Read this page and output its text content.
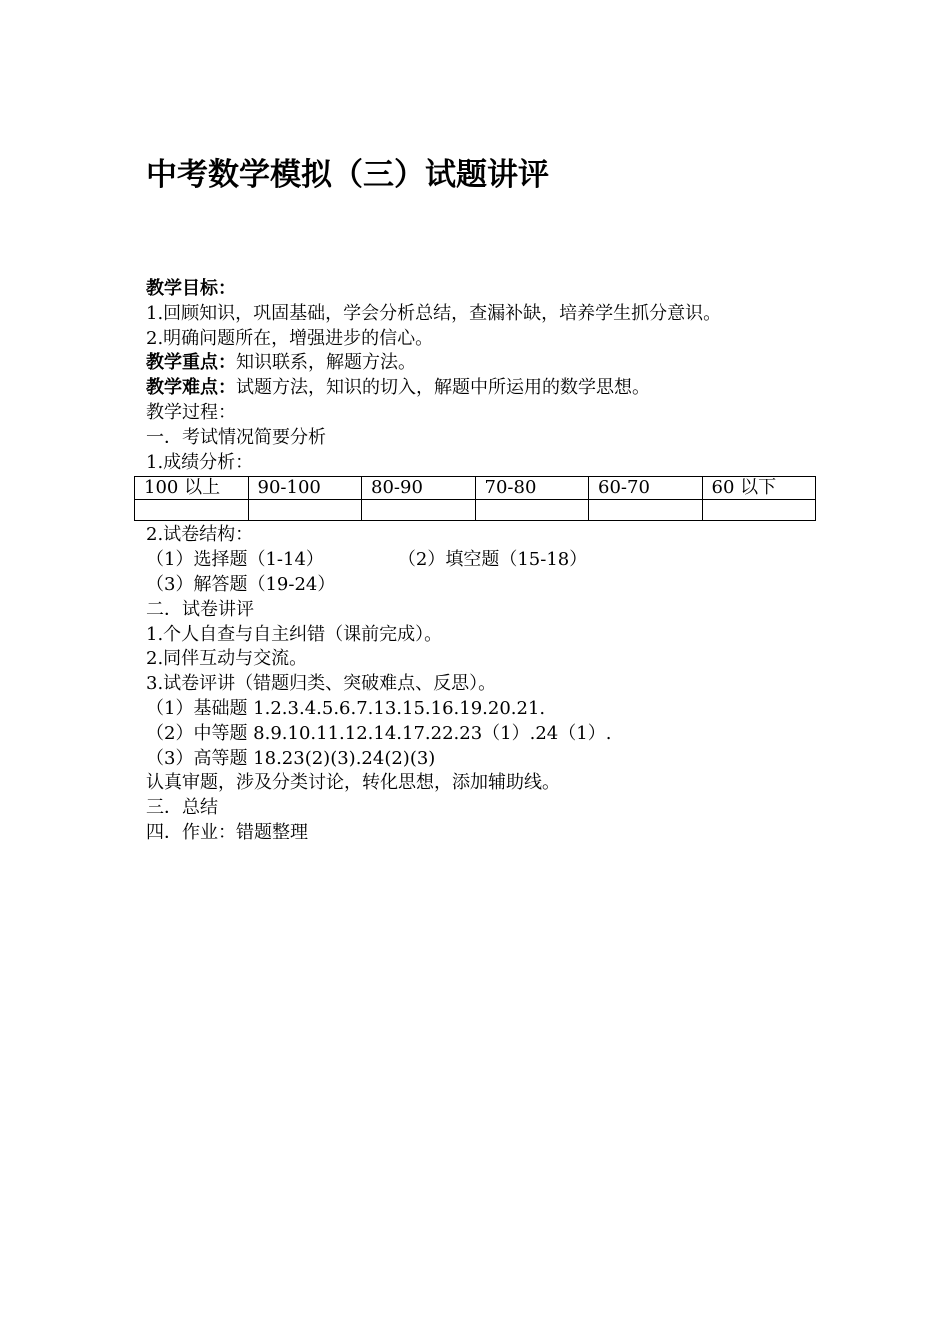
中考数学模拟（三）试题讲评
教学目标：
1.回顾知识，巩固基础，学会分析总结，查漏补缺，培养学生抓分意识。
2.明确问题所在，增强进步的信心。
教学重点：知识联系，解题方法。
教学难点：试题方法，知识的切入，解题中所运用的数学思想。
教学过程：
一．考试情况简要分析
1.成绩分析：
100 以上	90-100	80-90	70-80	60-70	60 以下

2.试卷结构：
（1）选择题（1-14）	（2）填空题（15-18）
（3）解答题（19-24）
二．试卷讲评
1.个人自查与自主纠错（课前完成）。
2.同伴互动与交流。
3.试卷评讲（错题归类、突破难点、反思）。
（1）基础题 1.2.3.4.5.6.7.13.15.16.19.20.21.
（2）中等题 8.9.10.11.12.14.17.22.23（1）.24（1）.
（3）高等题 18.23(2)(3).24(2)(3)
认真审题，涉及分类讨论，转化思想，添加辅助线。
三．总结
四．作业：错题整理
